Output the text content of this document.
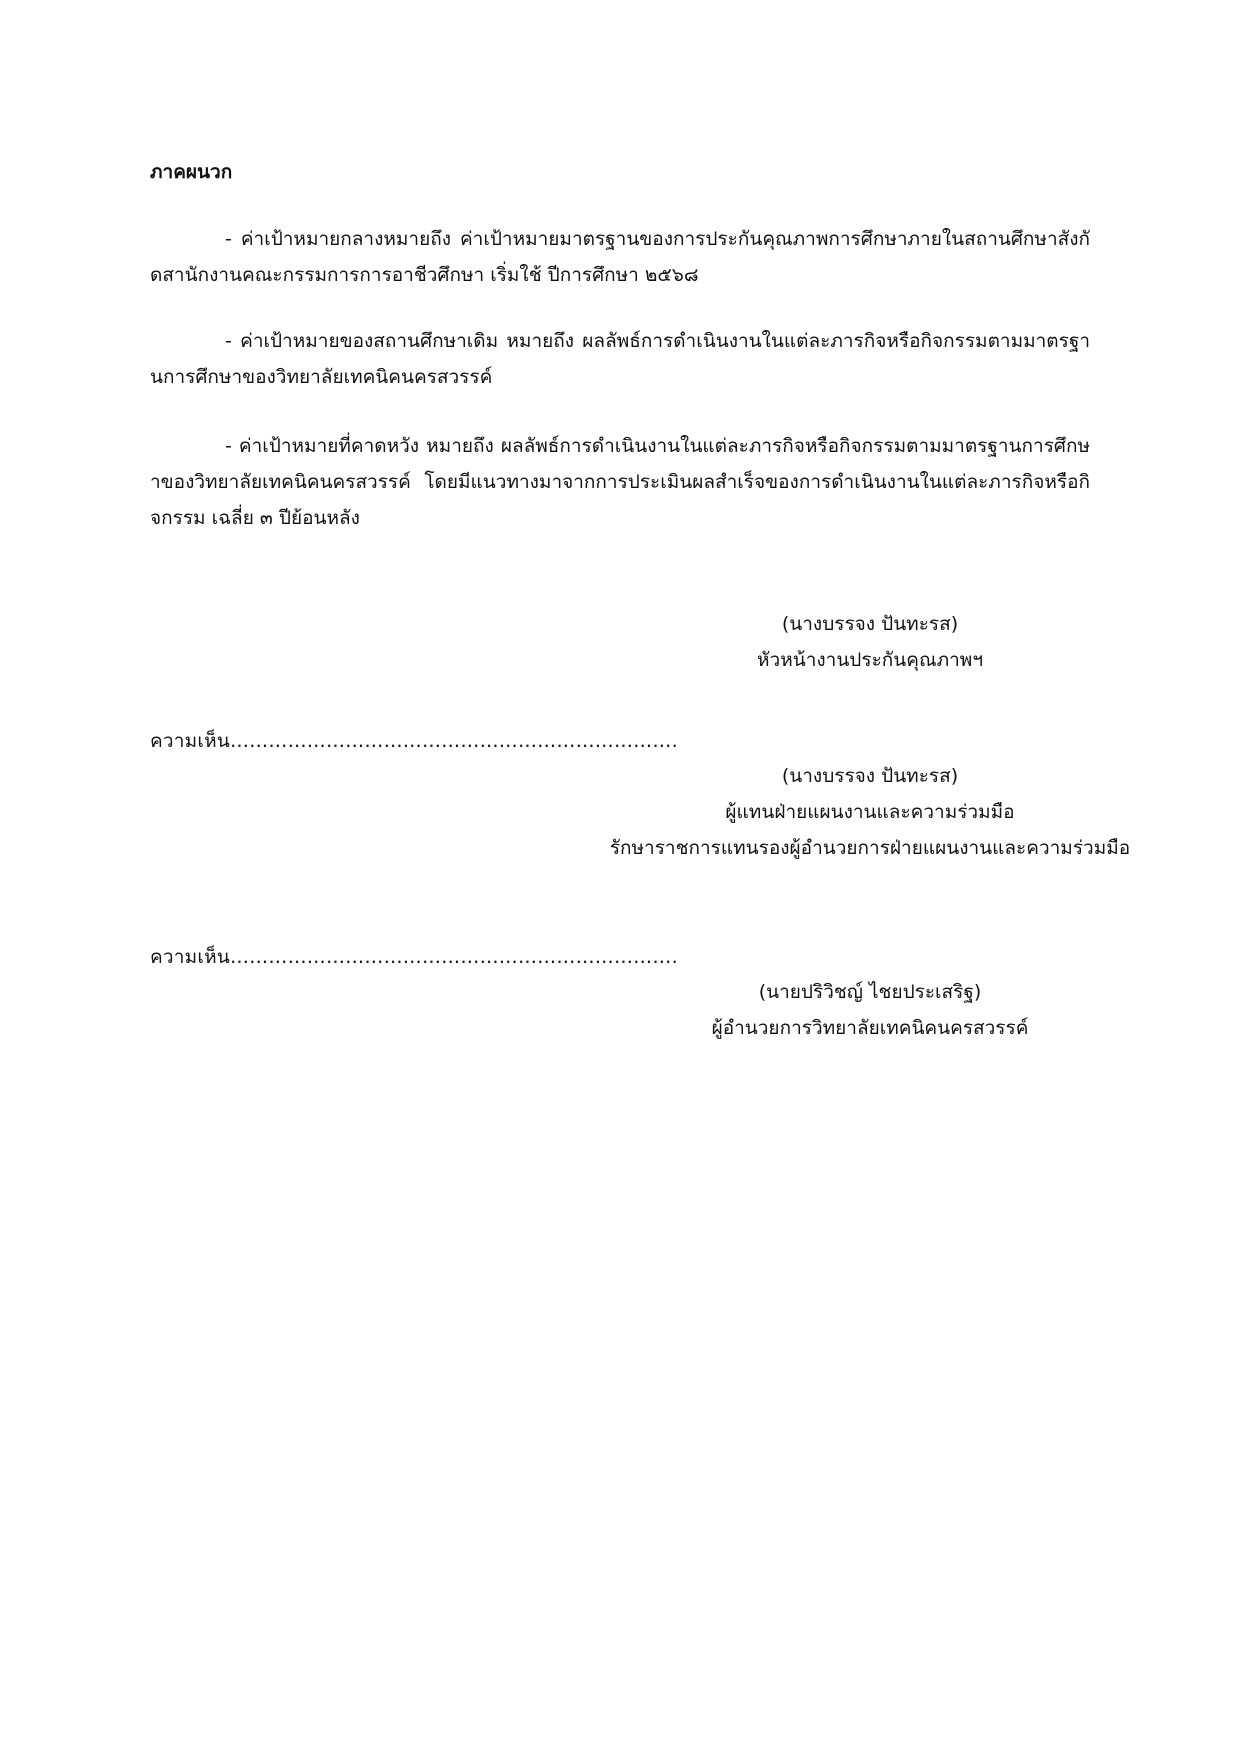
ภาคผนวก
- ค่าเป้าหมายกลางหมายถึง ค่าเป้าหมายมาตรฐานของการประกันคุณภาพการศึกษาภายในสถานศึกษาสังกัดสานักงานคณะกรรมการการอาชีวศึกษา เริ่มใช้ ปีการศึกษา ๒๕๖๘
- ค่าเป้าหมายของสถานศึกษาเดิม หมายถึง ผลลัพธ์การดำเนินงานในแต่ละภารกิจหรือกิจกรรมตามมาตรฐานการศึกษาของวิทยาลัยเทคนิคนครสวรรค์
- ค่าเป้าหมายที่คาดหวัง หมายถึง ผลลัพธ์การดำเนินงานในแต่ละภารกิจหรือกิจกรรมตามมาตรฐานการศึกษาของวิทยาลัยเทคนิคนครสวรรค์ โดยมีแนวทางมาจากการประเมินผลสำเร็จของการดำเนินงานในแต่ละภารกิจหรือกิจกรรม เฉลี่ย ๓ ปีย้อนหลัง
(นางบรรจง ปันทะรส)
หัวหน้างานประกันคุณภาพฯ
ความเห็น…………………………………………………………….
(นางบรรจง ปันทะรส)
ผู้แทนฝ่ายแผนงานและความร่วมมือ
รักษาราชการแทนรองผู้อำนวยการฝ่ายแผนงานและความร่วมมือ
ความเห็น…………………………………………………………….
(นายปริวิชญ์ ไชยประเสริฐ)
ผู้อำนวยการวิทยาลัยเทคนิคนครสวรรค์
